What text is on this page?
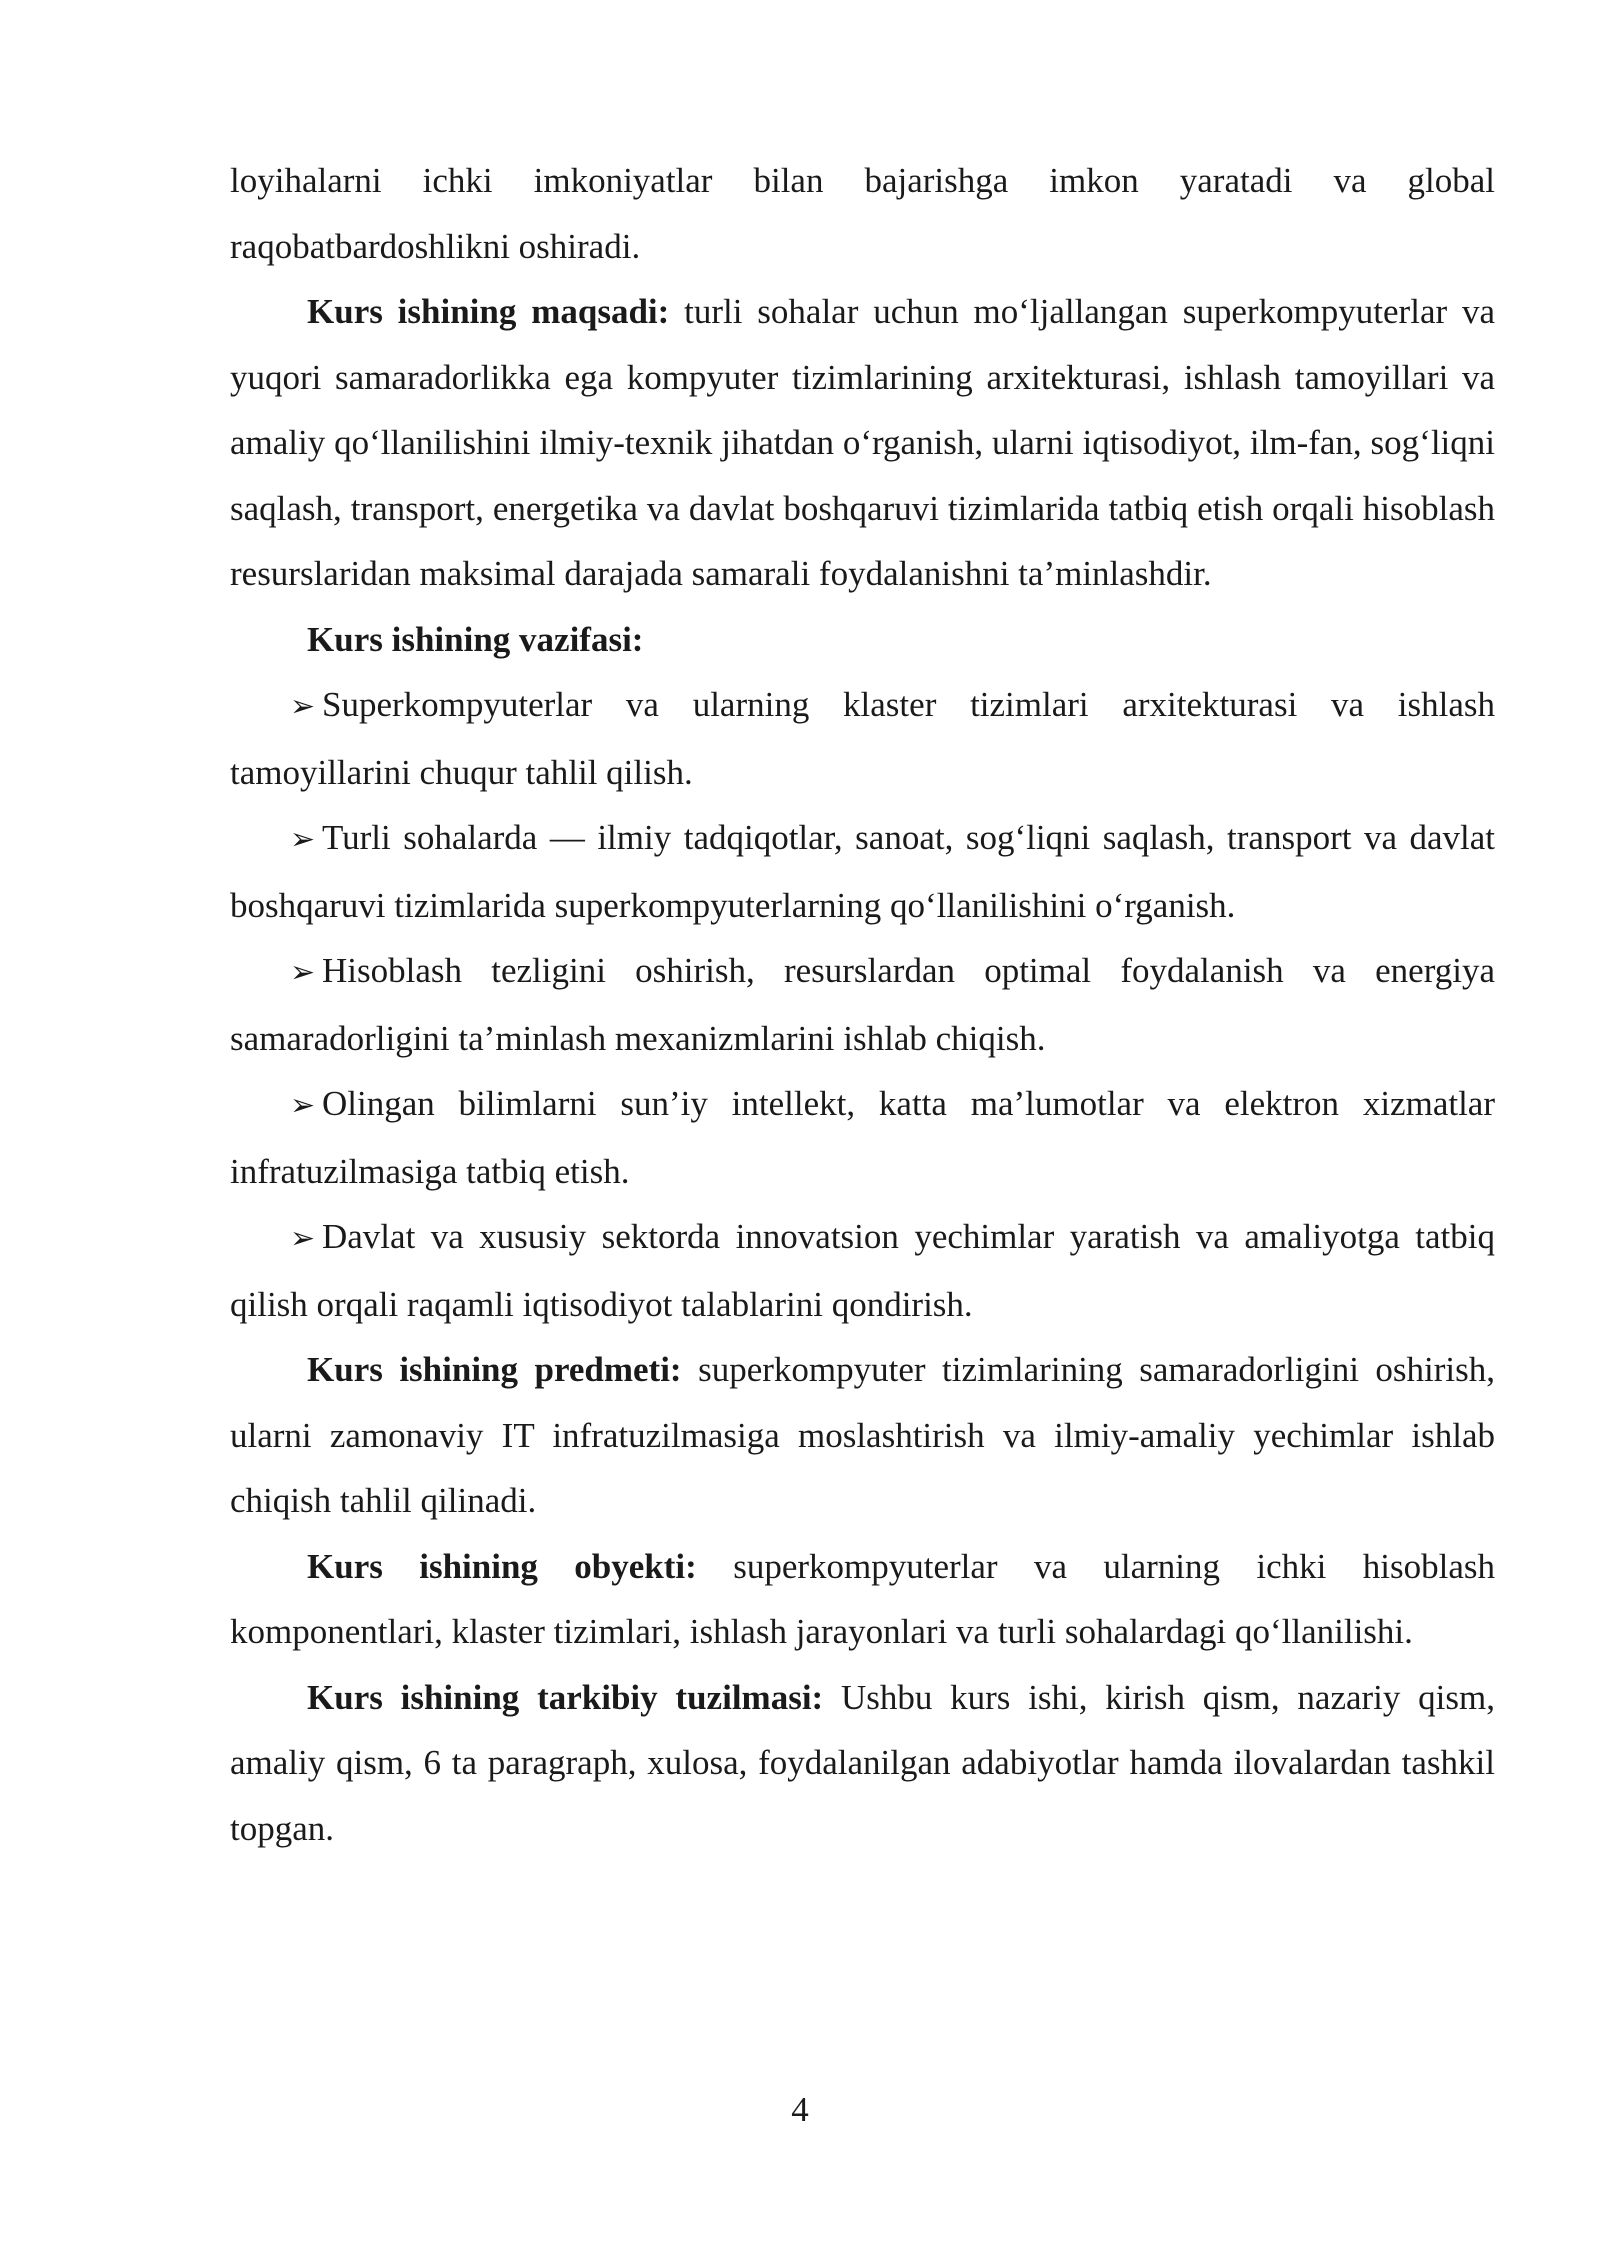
loyihalarni ichki imkoniyatlar bilan bajarishga imkon yaratadi va global raqobatbardoshlikni oshiradi.

Kurs ishining maqsadi: turli sohalar uchun mo‘ljallangan superkompyuterlar va yuqori samaradorlikka ega kompyuter tizimlarining arxitekturasi, ishlash tamoyillari va amaliy qo‘llanilishini ilmiy-texnik jihatdan o‘rganish, ularni iqtisodiyot, ilm-fan, sog‘liqni saqlash, transport, energetika va davlat boshqaruvi tizimlarida tatbiq etish orqali hisoblash resurslaridan maksimal darajada samarali foydalanishni ta’minlashdir.

Kurs ishining vazifasi:

➢ Superkompyuterlar va ularning klaster tizimlari arxitekturasi va ishlash tamoyillarini chuqur tahlil qilish.

➢ Turli sohalarda — ilmiy tadqiqotlar, sanoat, sog‘liqni saqlash, transport va davlat boshqaruvi tizimlarida superkompyuterlarning qo‘llanilishini o‘rganish.

➢ Hisoblash tezligini oshirish, resurslardan optimal foydalanish va energiya samaradorligini ta’minlash mexanizmlarini ishlab chiqish.

➢ Olingan bilimlarni sun’iy intellekt, katta ma’lumotlar va elektron xizmatlar infratuzilmasiga tatbiq etish.

➢ Davlat va xususiy sektorda innovatsion yechimlar yaratish va amaliyotga tatbiq qilish orqali raqamli iqtisodiyot talablarini qondirish.

Kurs ishining predmeti: superkompyuter tizimlarining samaradorligini oshirish, ularni zamonaviy IT infratuzilmasiga moslashtirish va ilmiy-amaliy yechimlar ishlab chiqish tahlil qilinadi.

Kurs ishining obyekti: superkompyuterlar va ularning ichki hisoblash komponentlari, klaster tizimlari, ishlash jarayonlari va turli sohalardagi qo‘llanilishi.

Kurs ishining tarkibiy tuzilmasi: Ushbu kurs ishi, kirish qism, nazariy qism, amaliy qism, 6 ta paragraph, xulosa, foydalanilgan adabiyotlar hamda ilovalardan tashkil topgan.

4
